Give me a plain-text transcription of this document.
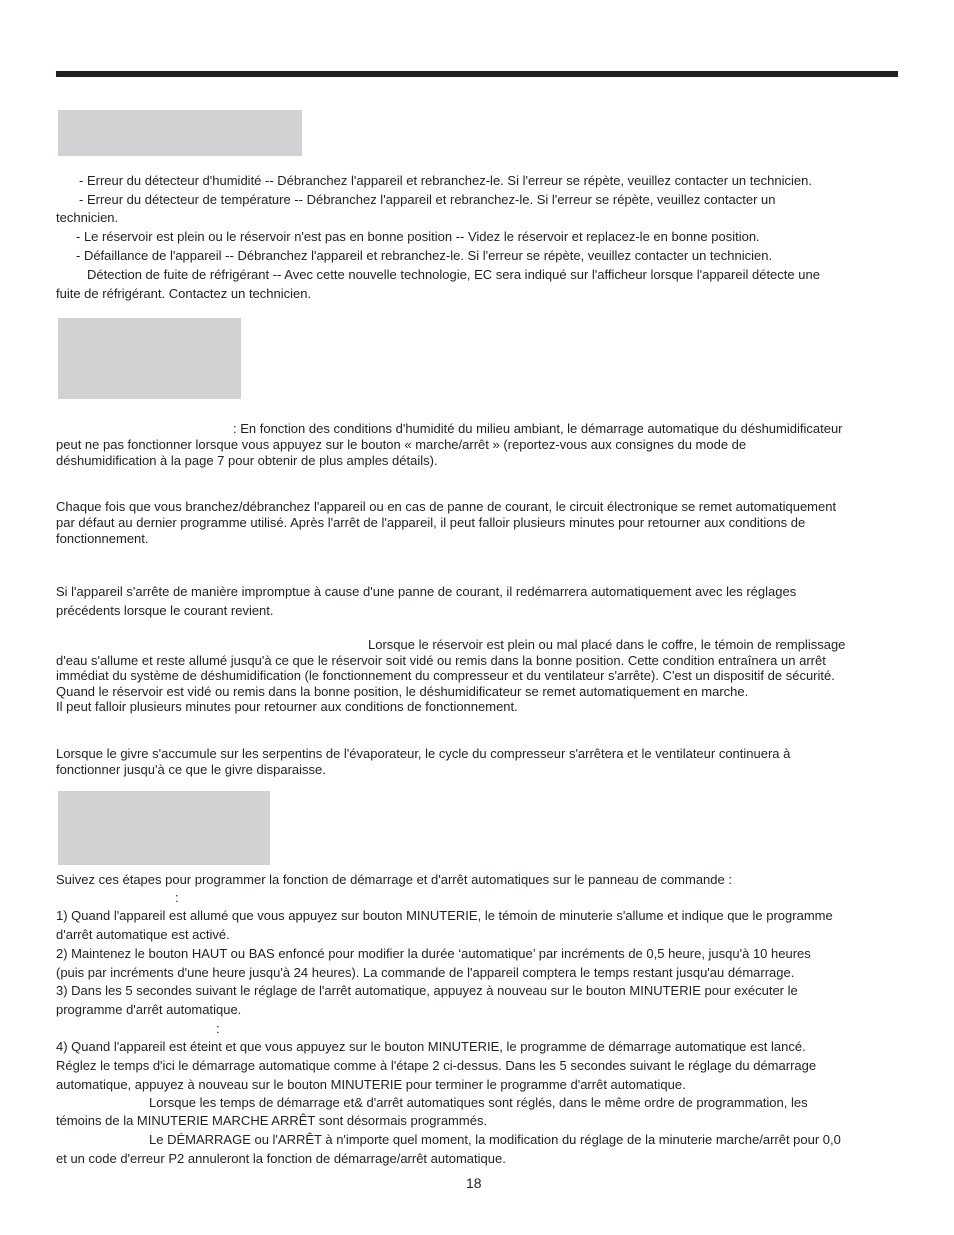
- Erreur du détecteur d'humidité -- Débranchez l'appareil et rebranchez-le. Si l'erreur se répète, veuillez contacter un technicien.

- Erreur du détecteur de température -- Débranchez l'appareil et rebranchez-le. Si l'erreur se répète, veuillez contacter un

technicien.

- Le réservoir est plein ou le réservoir n'est pas en bonne position -- Videz le réservoir et replacez-le en bonne position.

- Défaillance de l'appareil -- Débranchez l'appareil et rebranchez-le. Si l'erreur se répète, veuillez contacter un technicien.

Détection de fuite de réfrigérant -- Avec cette nouvelle technologie, EC sera indiqué sur l'afficheur lorsque l'appareil détecte une

fuite de réfrigérant. Contactez un technicien.

: En fonction des conditions d'humidité du milieu ambiant, le démarrage automatique du déshumidificateur

peut ne pas fonctionner lorsque vous appuyez sur le bouton « marche/arrêt » (reportez-vous aux consignes du mode de

déshumidification à la page 7 pour obtenir de plus amples détails).

Chaque fois que vous branchez/débranchez l'appareil ou en cas de panne de courant, le circuit électronique se remet automatiquement

par défaut au dernier programme utilisé. Après l'arrêt de l'appareil, il peut falloir plusieurs minutes pour retourner aux conditions de

fonctionnement.

Si l'appareil s'arrête de manière impromptue à cause d'une panne de courant, il redémarrera automatiquement avec les réglages

précédents lorsque le courant revient.

Lorsque le réservoir est plein ou mal placé dans le coffre, le témoin de remplissage

d'eau s'allume et reste allumé jusqu'à ce que le réservoir soit vidé ou remis dans la bonne position. Cette condition entraînera un arrêt

immédiat du système de déshumidification (le fonctionnement du compresseur et du ventilateur s'arrête). C'est un dispositif de sécurité.

Quand le réservoir est vidé ou remis dans la bonne position, le déshumidificateur se remet automatiquement en marche.

Il peut falloir plusieurs minutes pour retourner aux conditions de fonctionnement.

Lorsque le givre s'accumule sur les serpentins de l'évaporateur, le cycle du compresseur s'arrêtera et le ventilateur continuera à

fonctionner jusqu'à ce que le givre disparaisse.

Suivez ces étapes pour programmer la fonction de démarrage et d'arrêt automatiques sur le panneau de commande :

:

1) Quand l'appareil est allumé que vous appuyez sur bouton MINUTERIE, le témoin de minuterie s'allume et indique que le programme

d'arrêt automatique est activé.

2) Maintenez le bouton HAUT ou BAS enfoncé pour modifier la durée ‘automatique’ par incréments de 0,5 heure, jusqu'à 10 heures

(puis par incréments d'une heure jusqu'à 24 heures). La commande de l'appareil comptera le temps restant jusqu'au démarrage.

3) Dans les 5 secondes suivant le réglage de l'arrêt automatique, appuyez à nouveau sur le bouton MINUTERIE pour exécuter le

programme d'arrêt automatique.

:

4) Quand l'appareil est éteint et que vous appuyez sur le bouton MINUTERIE, le programme de démarrage automatique est lancé.

Réglez le temps d'ici le démarrage automatique comme à l'étape 2 ci-dessus. Dans les 5 secondes suivant le réglage du démarrage

automatique, appuyez à nouveau sur le bouton MINUTERIE pour terminer le programme d'arrêt automatique.

Lorsque les temps de démarrage et& d'arrêt automatiques sont réglés, dans le même ordre de programmation, les

témoins de la MINUTERIE MARCHE ARRÊT sont désormais programmés.

Le DÉMARRAGE ou l'ARRÊT à n'importe quel moment, la modification du réglage de la minuterie marche/arrêt pour 0,0

et un code d'erreur P2 annuleront la fonction de démarrage/arrêt automatique.

18
